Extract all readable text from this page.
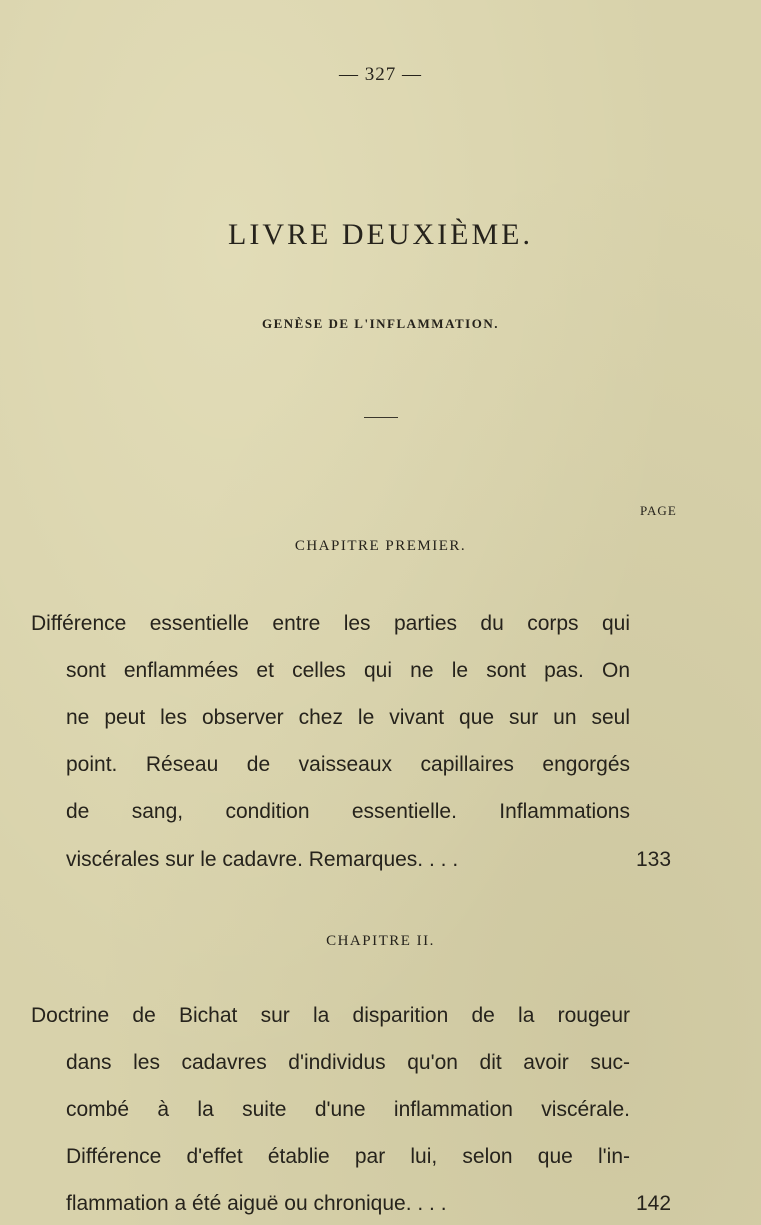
— 327 —
LIVRE DEUXIÈME.
GENÈSE DE L'INFLAMMATION.
PAGE
CHAPITRE PREMIER.
Différence essentielle entre les parties du corps qui
sont enflammées et celles qui ne le sont pas. On
ne peut les observer chez le vivant que sur un seul
point. Réseau de vaisseaux capillaires engorgés
de sang, condition essentielle. Inflammations
viscérales sur le cadavre. Remarques. . . .	133
CHAPITRE II.
Doctrine de Bichat sur la disparition de la rougeur
dans les cadavres d'individus qu'on dit avoir suc-
combé à la suite d'une inflammation viscérale.
Différence d'effet établie par lui, selon que l'in-
flammation a été aiguë ou chronique. . . .	142
